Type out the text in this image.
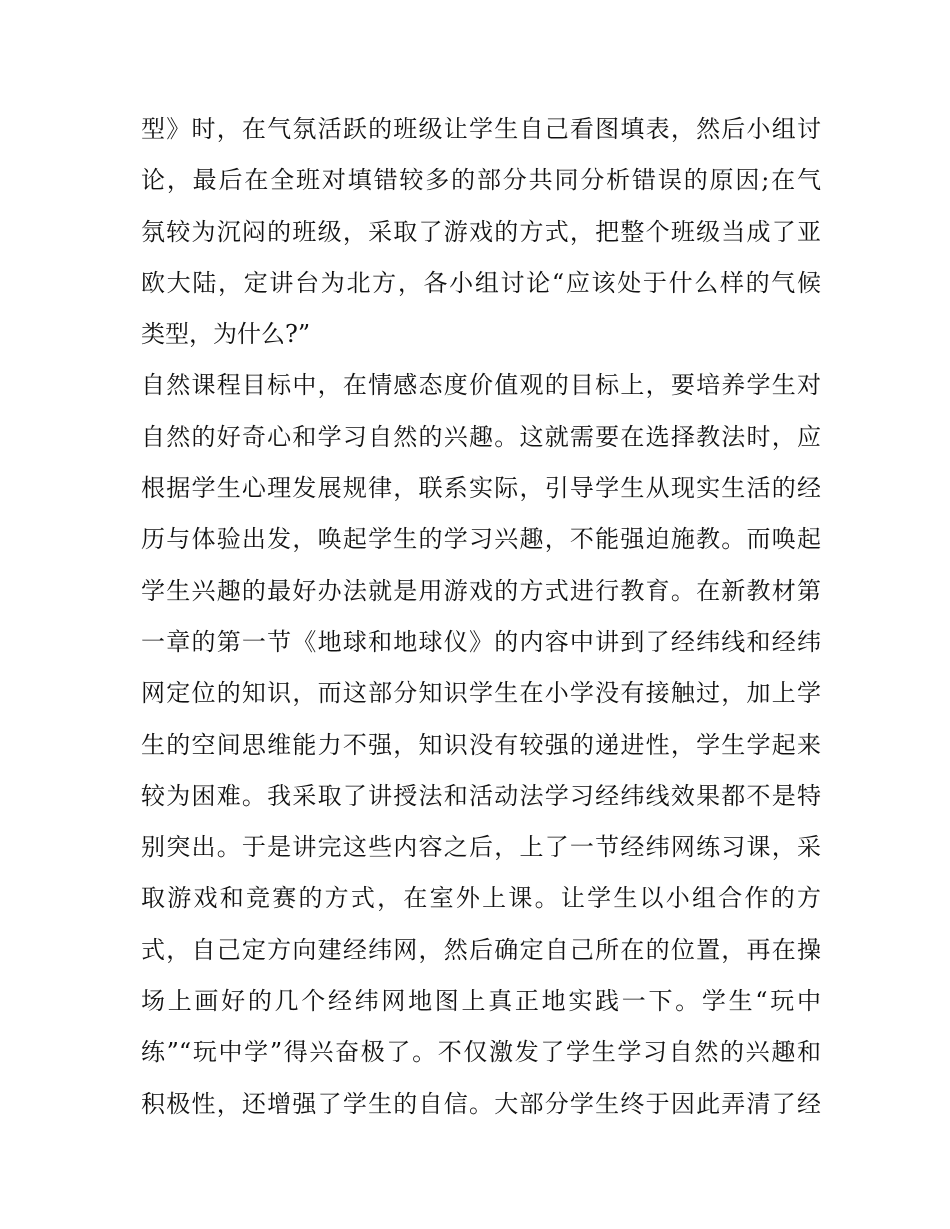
型》时，在气氛活跃的班级让学生自己看图填表，然后小组讨
论，最后在全班对填错较多的部分共同分析错误的原因;在气
氛较为沉闷的班级，采取了游戏的方式，把整个班级当成了亚
欧大陆，定讲台为北方，各小组讨论“应该处于什么样的气候
类型，为什么?”
自然课程目标中，在情感态度价值观的目标上，要培养学生对
自然的好奇心和学习自然的兴趣。这就需要在选择教法时，应
根据学生心理发展规律，联系实际，引导学生从现实生活的经
历与体验出发，唤起学生的学习兴趣，不能强迫施教。而唤起
学生兴趣的最好办法就是用游戏的方式进行教育。在新教材第
一章的第一节《地球和地球仪》的内容中讲到了经纬线和经纬
网定位的知识，而这部分知识学生在小学没有接触过，加上学
生的空间思维能力不强，知识没有较强的递进性，学生学起来
较为困难。我采取了讲授法和活动法学习经纬线效果都不是特
别突出。于是讲完这些内容之后，上了一节经纬网练习课，采
取游戏和竞赛的方式，在室外上课。让学生以小组合作的方
式，自己定方向建经纬网，然后确定自己所在的位置，再在操
场上画好的几个经纬网地图上真正地实践一下。学生“玩中
练”“玩中学”得兴奋极了。不仅激发了学生学习自然的兴趣和
积极性，还增强了学生的自信。大部分学生终于因此弄清了经
